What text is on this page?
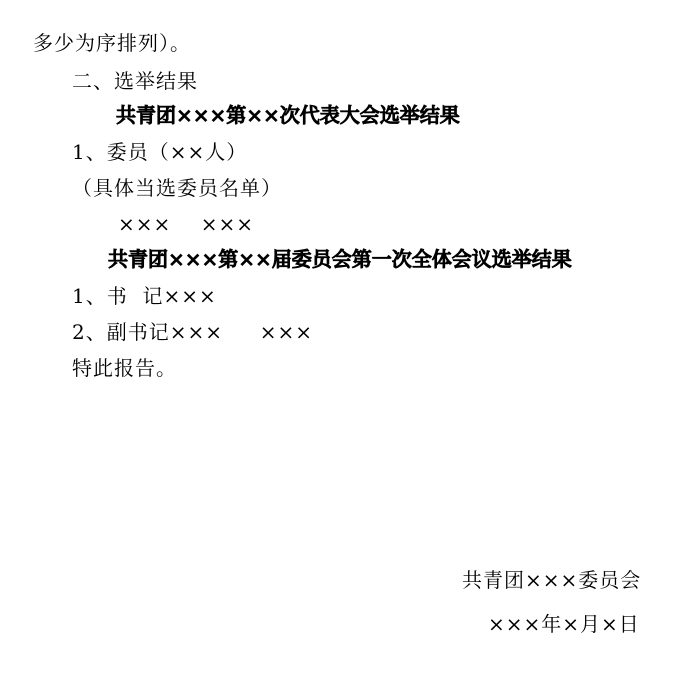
多少为序排列）。
二、选举结果
共青团×××第××次代表大会选举结果
1、委员（××人）
（具体当选委员名单）
×××    ×××
共青团×××第××届委员会第一次全体会议选举结果
1、书  记×××
2、副书记×××     ×××
特此报告。
共青团×××委员会
×××年×月×日
